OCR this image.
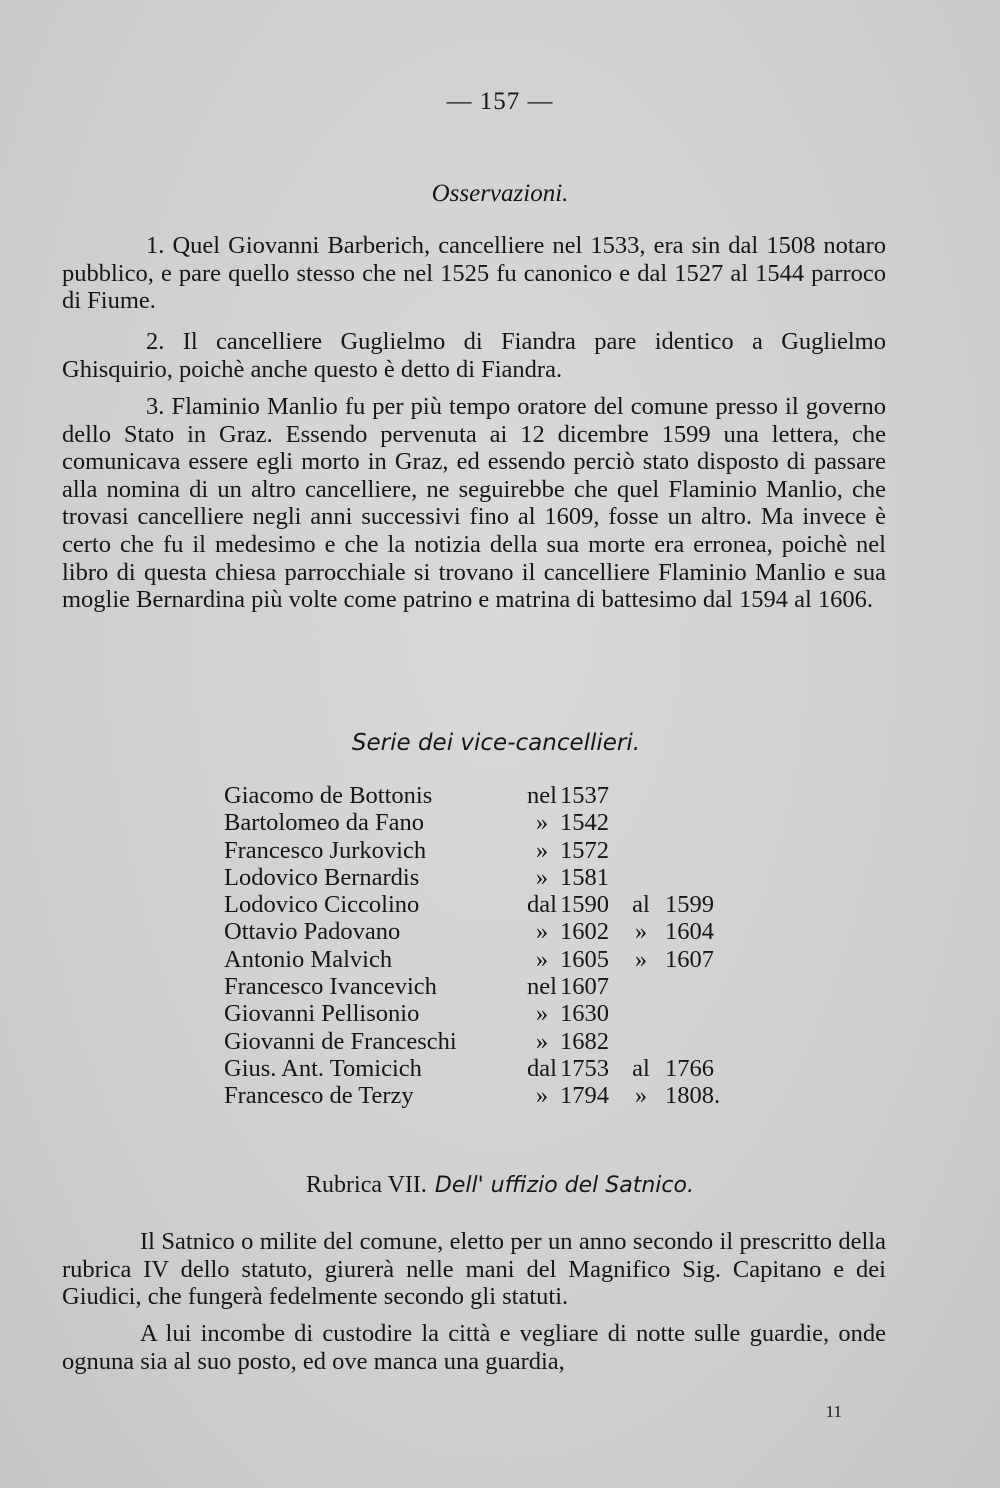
— 157 —
Osservazioni.

1. Quel Giovanni Barberich, cancelliere nel 1533, era sin dal 1508 notaro pubblico, e pare quello stesso che nel 1525 fu canonico e dal 1527 al 1544 parroco di Fiume.

2. Il cancelliere Guglielmo di Fiandra pare identico a Guglielmo Ghisquirio, poichè anche questo è detto di Fiandra.

3. Flaminio Manlio fu per più tempo oratore del comune presso il governo dello Stato in Graz. Essendo pervenuta ai 12 dicembre 1599 una lettera, che comunicava essere egli morto in Graz, ed essendo perciò stato disposto di passare alla nomina di un altro cancelliere, ne seguirebbe che quel Flaminio Manlio, che trovasi cancelliere negli anni successivi fino al 1609, fosse un altro. Ma invece è certo che fu il medesimo e che la notizia della sua morte era erronea, poichè nel libro di questa chiesa parrocchiale si trovano il cancelliere Flaminio Manlio e sua moglie Bernardina più volte come patrino e matrina di battesimo dal 1594 al 1606.

Serie dei vice-cancellieri.
Giacomo de Bottonis	nel 1537
Bartolomeo da Fano	» 1542
Francesco Jurkovich	» 1572
Lodovico Bernardis	» 1581
Lodovico Ciccolino	dal 1590 al 1599
Ottavio Padovano	» 1602	» 1604
Antonio Malvich	» 1605	» 1607
Francesco Ivancevich	nel 1607
Giovanni Pellisonio	» 1630
Giovanni de Franceschi	» 1682
Gius. Ant. Tomicich	dal 1753 al 1766
Francesco de Terzy	» 1794	» 1808.
Rubrica VII. Dell' uffizio del Satnico.

Il Satnico o milite del comune, eletto per un anno secondo il prescritto della rubrica IV dello statuto, giurerà nelle mani del Magnifico Sig. Capitano e dei Giudici, che fungerà fedelmente secondo gli statuti.

A lui incombe di custodire la città e vegliare di notte sulle guardie, onde ognuna sia al suo posto, ed ove manca una guardia,

11
